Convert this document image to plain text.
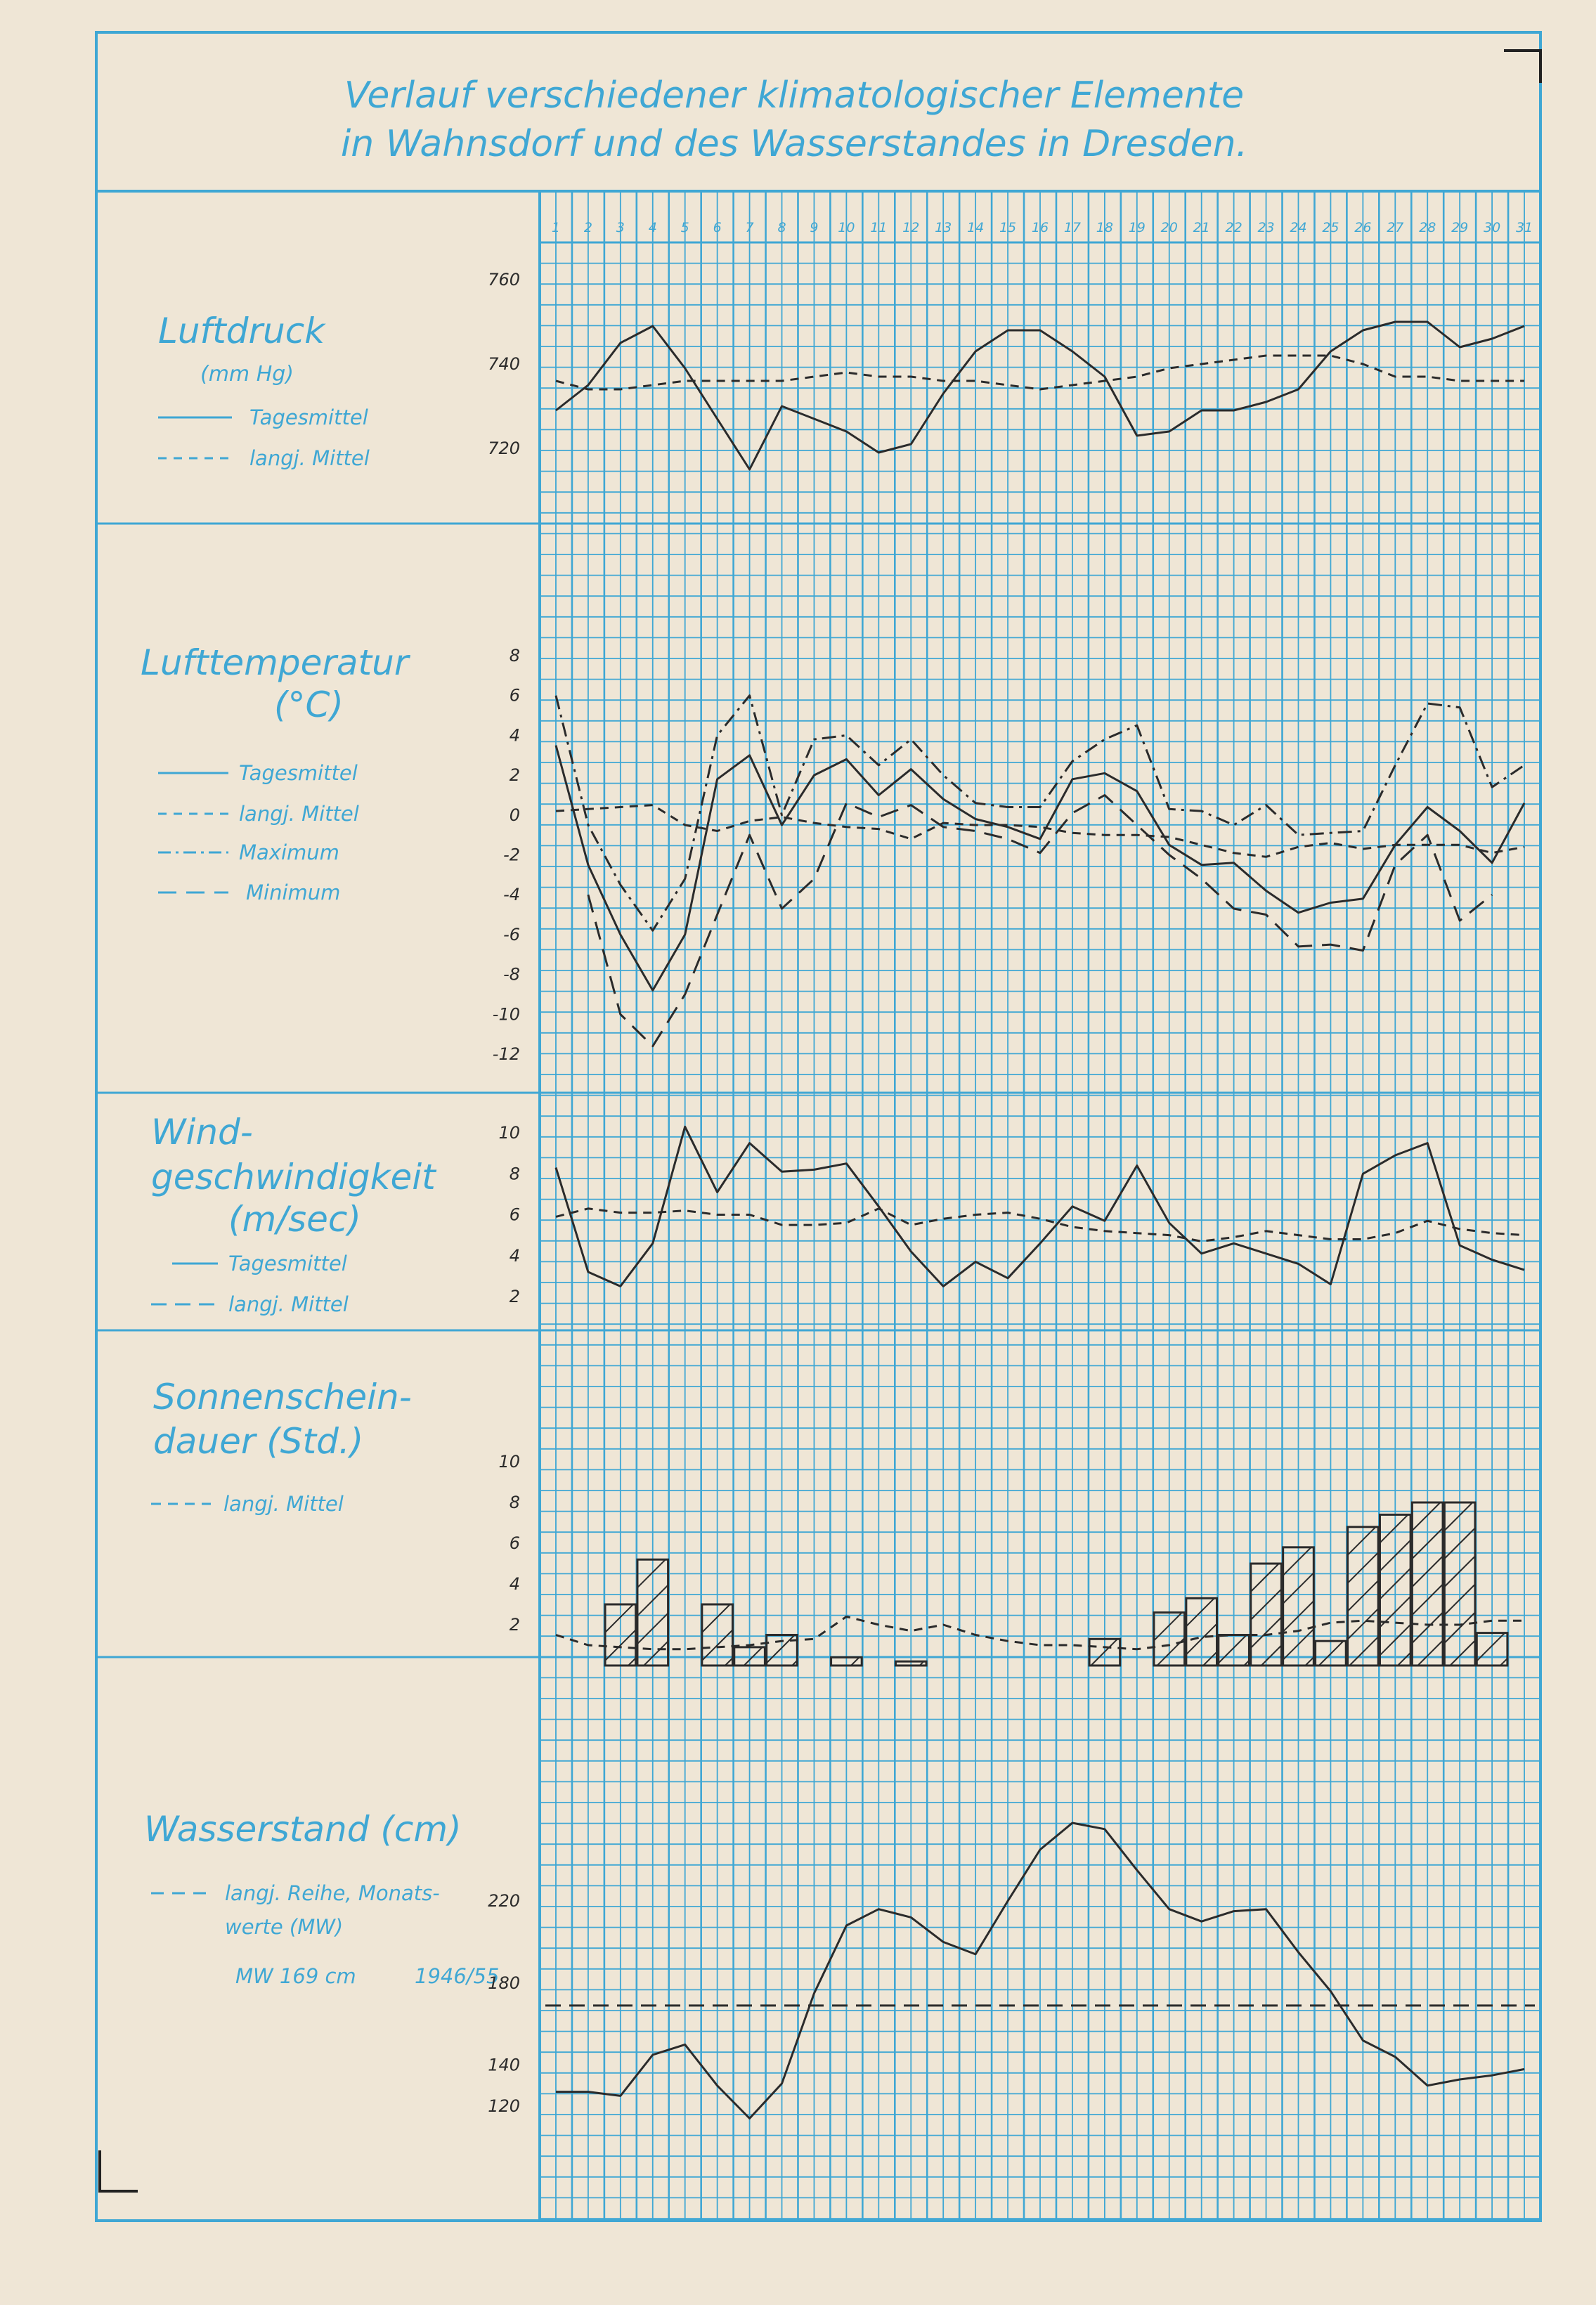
Verlauf verschiedener klimatologischer Elemente
in Wahnsdorf und des Wasserstandes in Dresden.
1 2 3 4 5 6 7 8 9 10 11 12 13 14 15 16 17 18 19 20 21 22 23 24 25 26 27 28 29 30 31
Luftdruck
(mm Hg)
Tagesmittel
langj. Mittel
Lufttemperatur
(°C)
Tagesmittel
langj. Mittel
Maximum
Minimum
Wind-
geschwindigkeit
(m/sec)
Tagesmittel
langj. Mittel
Sonnenschein-
dauer (Std.)
langj. Mittel
Wasserstand (cm)
langj. Reihe, Monats-
werte (MW)
MW 169 cm	1946/55
720
740
760
-12
-10
-8
-6
-4
-2
0
2
4
6
8
2
4
6
8
10
2
4
6
8
10
120
140
180
220
